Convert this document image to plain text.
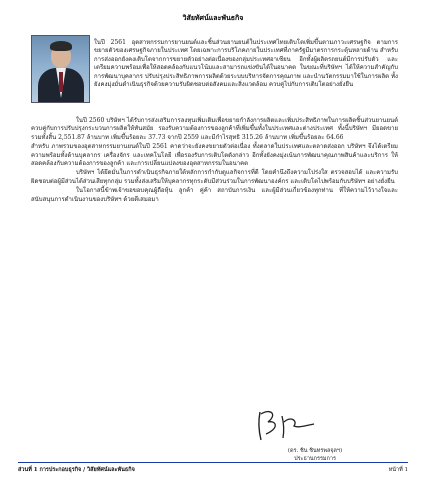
วิสัยทัศน์และพันธกิจ
ในปี 2561 อุตสาหกรรมการยานยนต์และชิ้นส่วนยานยนต์ในประเทศไทยเติบโตเพิ่มขึ้นตามภาวะเศรษฐกิจ ตามการขยายตัวของเศรษฐกิจภายในประเทศ โดยเฉพาะการบริโภคภายในประเทศที่ภาครัฐมีมาตรการกระตุ้นหลายด้าน สำหรับการส่งออกยังคงเติบโตจากการขยายตัวอย่างต่อเนื่องของกลุ่มประเทศอาเซียน อีกทั้งผู้ผลิตรถยนต์มีการปรับตัว และเตรียมความพร้อมเพื่อให้สอดคล้องกับแนวโน้มและสามารถแข่งขันได้ในอนาคต ในขณะที่บริษัทฯ ได้ให้ความสำคัญกับการพัฒนาบุคลากร ปรับปรุงประสิทธิภาพการผลิตด้วยระบบบริหารจัดการคุณภาพ และนำนวัตกรรมมาใช้ในการผลิต ทั้งยังคงมุ่งมั่นดำเนินธุรกิจด้วยความรับผิดชอบต่อสังคมและสิ่งแวดล้อม ควบคู่ไปกับการเติบโตอย่างยั่งยืน

ในปี 2560 บริษัทฯ ได้รับการส่งเสริมการลงทุนเพิ่มเติมเพื่อขยายกำลังการผลิตและเพิ่มประสิทธิภาพในการผลิตชิ้นส่วนยานยนต์ ควบคู่กับการปรับปรุงกระบวนการผลิตให้ทันสมัย รองรับความต้องการของลูกค้าที่เพิ่มขึ้นทั้งในประเทศและต่างประเทศ ทั้งนี้บริษัทฯ มียอดขายรวมทั้งสิ้น 2,551.87 ล้านบาท เพิ่มขึ้นร้อยละ 37.73 จากปี 2559 และมีกำไรสุทธิ 315.26 ล้านบาท เพิ่มขึ้นร้อยละ 64.66

สำหรับ ภาพรวมของอุตสาหกรรมยานยนต์ในปี 2561 คาดว่าจะยังคงขยายตัวต่อเนื่อง ทั้งตลาดในประเทศและตลาดส่งออก บริษัทฯ จึงได้เตรียมความพร้อมทั้งด้านบุคลากร เครื่องจักร และเทคโนโลยี เพื่อรองรับการเติบโตดังกล่าว อีกทั้งยังคงมุ่งเน้นการพัฒนาคุณภาพสินค้าและบริการ ให้สอดคล้องกับความต้องการของลูกค้า และการเปลี่ยนแปลงของอุตสาหกรรมในอนาคต

บริษัทฯ ได้ยึดมั่นในการดำเนินธุรกิจภายใต้หลักการกำกับดูแลกิจการที่ดี โดยคำนึงถึงความโปร่งใส ตรวจสอบได้ และความรับผิดชอบต่อผู้มีส่วนได้ส่วนเสียทุกกลุ่ม รวมทั้งส่งเสริมให้บุคลากรทุกระดับมีส่วนร่วมในการพัฒนาองค์กร และเติบโตไปพร้อมกับบริษัทฯ อย่างยั่งยืน

ในโอกาสนี้ข้าพเจ้าขอขอบคุณผู้ถือหุ้น ลูกค้า คู่ค้า สถาบันการเงิน และผู้มีส่วนเกี่ยวข้องทุกท่าน ที่ให้ความไว้วางใจและสนับสนุนการดำเนินงานของบริษัทฯ ด้วยดีเสมอมา

(ดร. ชิน ชินทรพลจุลฯ)
ประธานกรรมการ
ส่วนที่ 1 การประกอบธุรกิจ / วิสัยทัศน์และพันธกิจ	หน้าที่ 1
